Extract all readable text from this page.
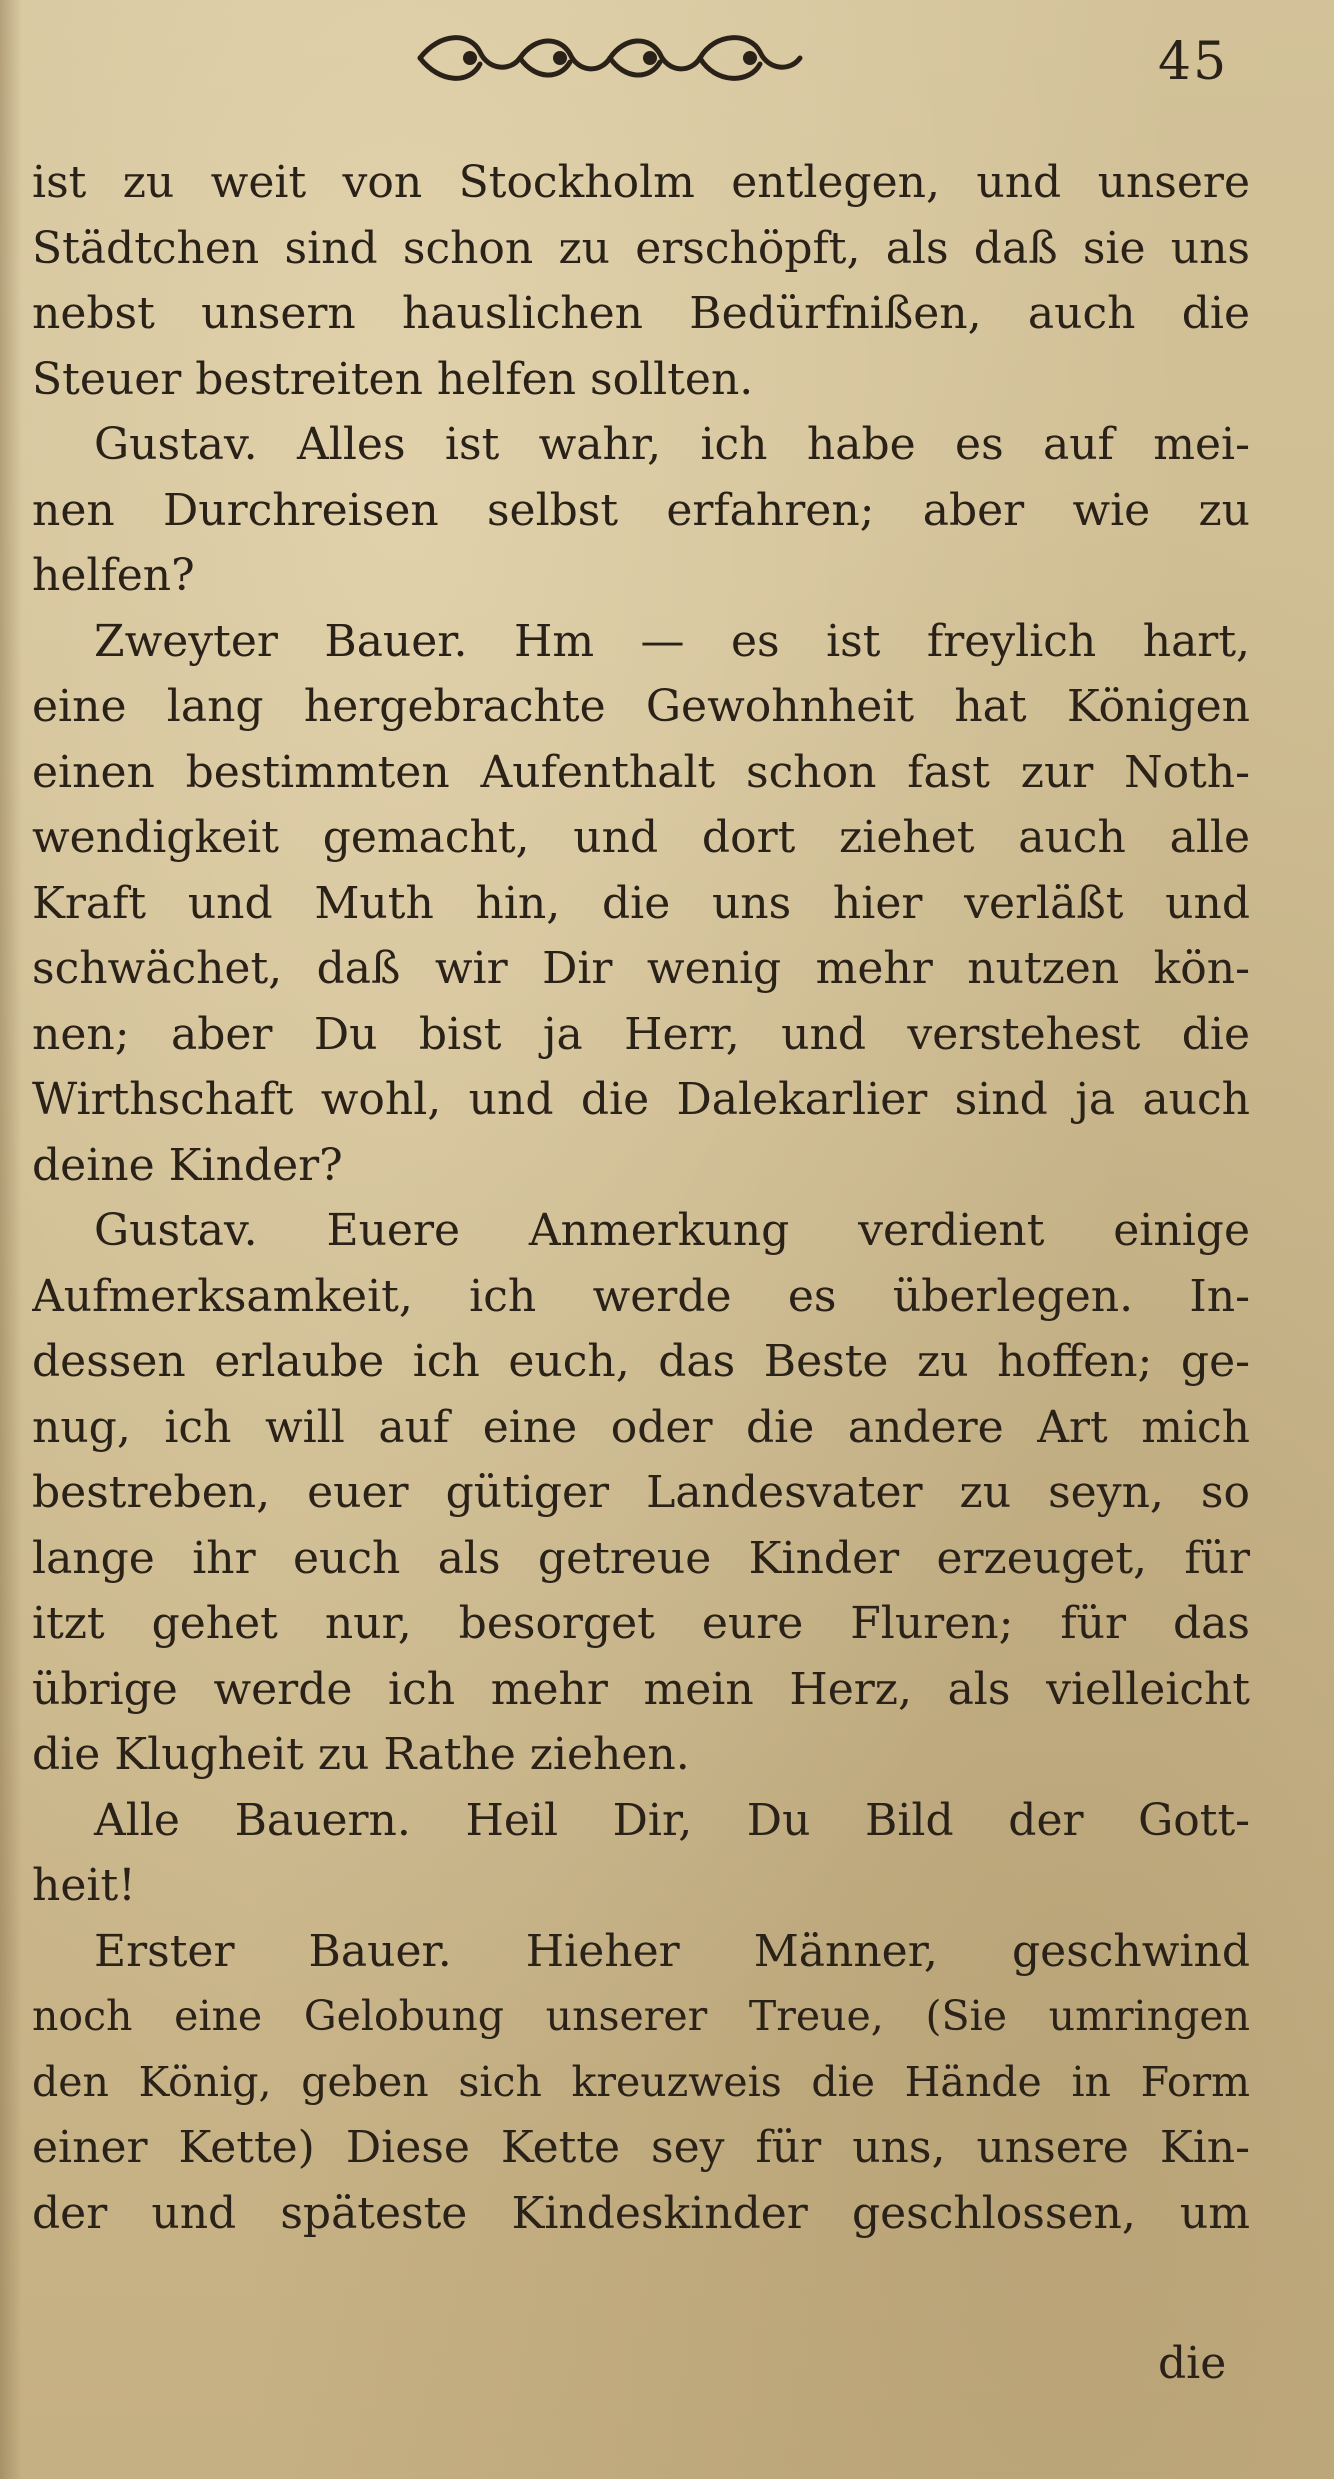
45
ist zu weit von Stockholm entlegen, und unsere
Städtchen sind schon zu erschöpft, als daß sie uns
nebst unsern hauslichen Bedürfnißen, auch die
Steuer bestreiten helfen sollten.
Gustav. Alles ist wahr, ich habe es auf mei-
nen Durchreisen selbst erfahren; aber wie zu
helfen?
Zweyter Bauer. Hm — es ist freylich hart,
eine lang hergebrachte Gewohnheit hat Königen
einen bestimmten Aufenthalt schon fast zur Noth-
wendigkeit gemacht, und dort ziehet auch alle
Kraft und Muth hin, die uns hier verläßt und
schwächet, daß wir Dir wenig mehr nutzen kön-
nen; aber Du bist ja Herr, und verstehest die
Wirthschaft wohl, und die Dalekarlier sind ja auch
deine Kinder?
Gustav. Euere Anmerkung verdient einige
Aufmerksamkeit, ich werde es überlegen. In-
dessen erlaube ich euch, das Beste zu hoffen; ge-
nug, ich will auf eine oder die andere Art mich
bestreben, euer gütiger Landesvater zu seyn, so
lange ihr euch als getreue Kinder erzeuget, für
itzt gehet nur, besorget eure Fluren; für das
übrige werde ich mehr mein Herz, als vielleicht
die Klugheit zu Rathe ziehen.
Alle Bauern. Heil Dir, Du Bild der Gott-
heit!
Erster Bauer. Hieher Männer, geschwind
noch eine Gelobung unserer Treue, (Sie umringen
den König, geben sich kreuzweis die Hände in Form
einer Kette) Diese Kette sey für uns, unsere Kin-
der und späteste Kindeskinder geschlossen, um
die
